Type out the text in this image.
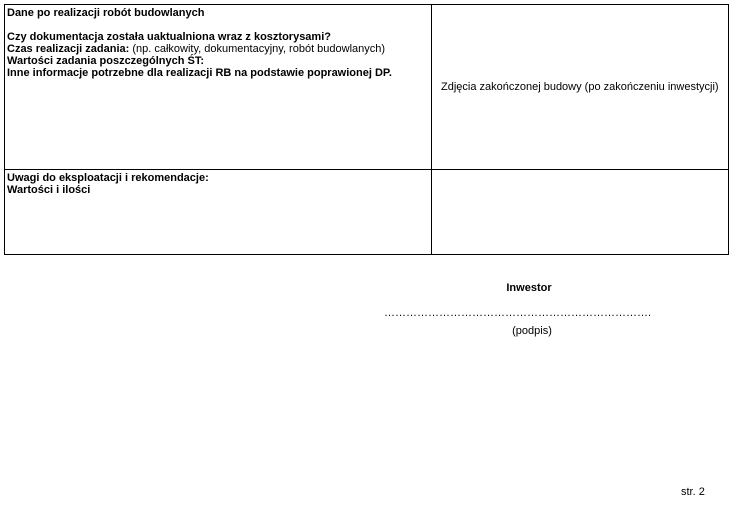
Dane po realizacji robót budowlanych
Czy dokumentacja została uaktualniona wraz z kosztorysami?
Czas realizacji zadania: (np. całkowity, dokumentacyjny, robót budowlanych)
Wartości zadania poszczególnych ŚT:
Inne informacje potrzebne dla realizacji RB na podstawie poprawionej DP.	Zdjęcia zakończonej budowy (po zakończeniu inwestycji)

Uwagi do eksploatacji i rekomendacje:
Wartości i ilości	

Inwestor
……………………………………………………………….
(podpis)
str. 2
